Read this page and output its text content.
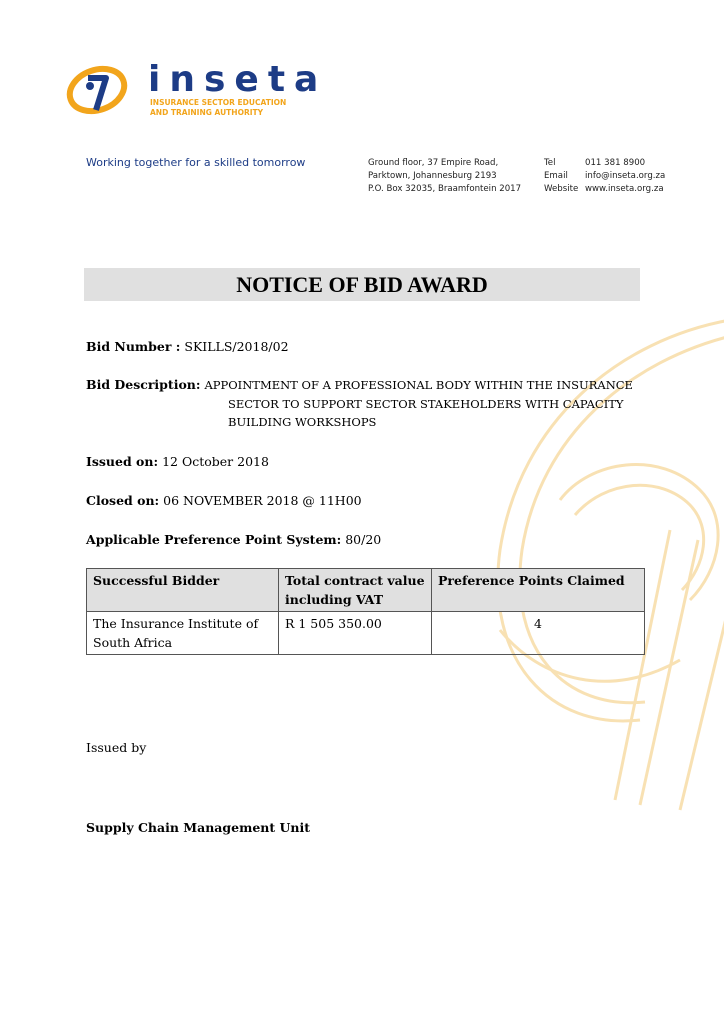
inseta
INSURANCE SECTOR EDUCATION
AND TRAINING AUTHORITY
Working together for a skilled tomorrow	Ground floor, 37 Empire Road,
Parktown, Johannesburg 2193
P.O. Box 32035, Braamfontein 2017
Tel	011 381 8900
Email	info@inseta.org.za
Website www.inseta.org.za
NOTICE OF BID AWARD
Bid Number : SKILLS/2018/02
Bid Description: APPOINTMENT OF A PROFESSIONAL BODY WITHIN THE INSURANCE
SECTOR TO SUPPORT SECTOR STAKEHOLDERS WITH CAPACITY
BUILDING WORKSHOPS
Issued on: 12 October 2018
Closed on: 06 NOVEMBER 2018 @ 11H00
Applicable Preference Point System: 80/20
Successful Bidder	Total contract value including VAT	Preference Points Claimed
The Insurance Institute of South Africa	R 1 505 350.00	4
Issued by
Supply Chain Management Unit
